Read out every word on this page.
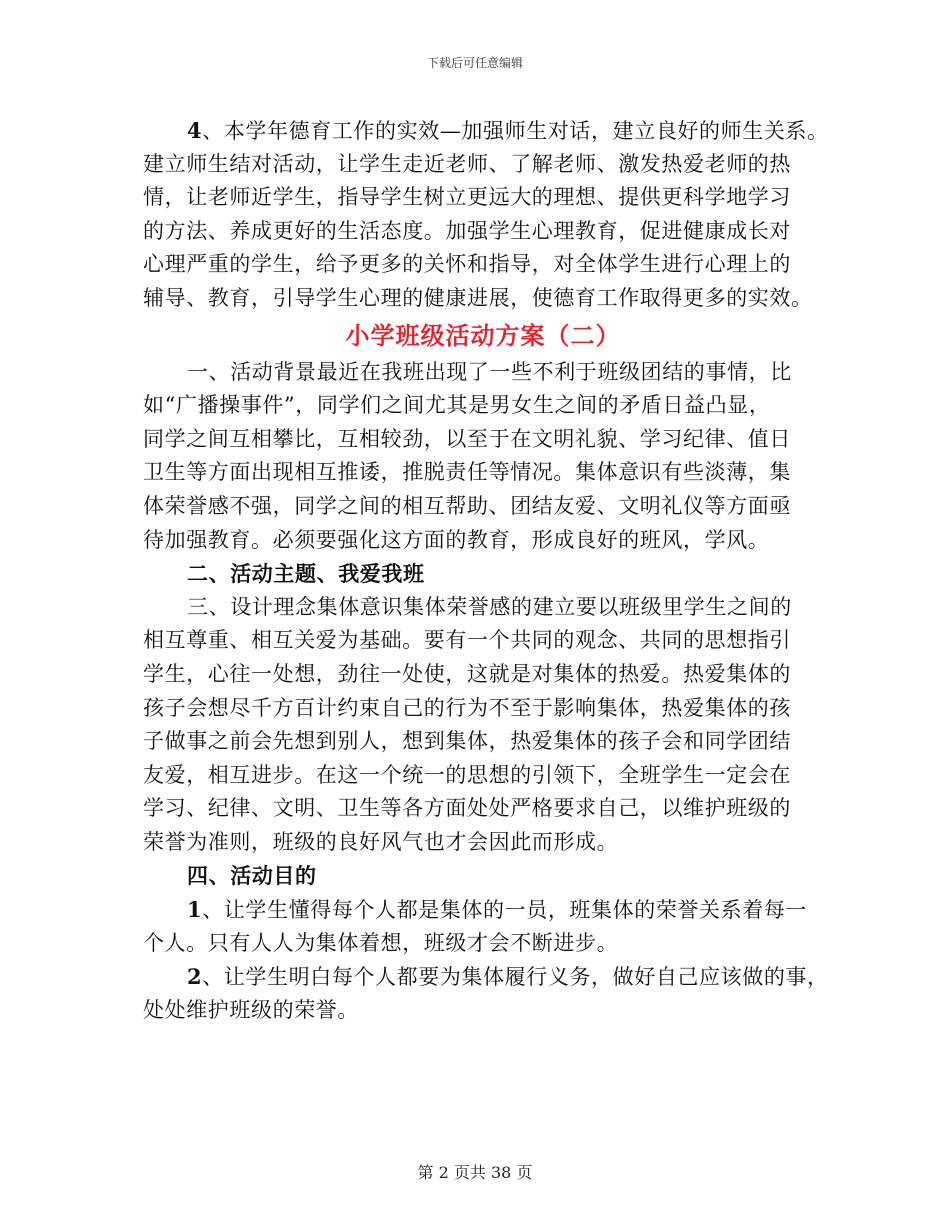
下载后可任意编辑
4、本学年德育工作的实效—加强师生对话，建立良好的师生关系。
建立师生结对活动，让学生走近老师、了解老师、激发热爱老师的热
情，让老师近学生，指导学生树立更远大的理想、提供更科学地学习
的方法、养成更好的生活态度。加强学生心理教育，促进健康成长对
心理严重的学生，给予更多的关怀和指导，对全体学生进行心理上的
辅导、教育，引导学生心理的健康进展，使德育工作取得更多的实效。
小学班级活动方案（二）
一、活动背景最近在我班出现了一些不利于班级团结的事情，比
如“广播操事件”，同学们之间尤其是男女生之间的矛盾日益凸显，
同学之间互相攀比，互相较劲，以至于在文明礼貌、学习纪律、值日
卫生等方面出现相互推诿，推脱责任等情况。集体意识有些淡薄，集
体荣誉感不强，同学之间的相互帮助、团结友爱、文明礼仪等方面亟
待加强教育。必须要强化这方面的教育，形成良好的班风，学风。
二、活动主题、我爱我班
三、设计理念集体意识集体荣誉感的建立要以班级里学生之间的
相互尊重、相互关爱为基础。要有一个共同的观念、共同的思想指引
学生，心往一处想，劲往一处使，这就是对集体的热爱。热爱集体的
孩子会想尽千方百计约束自己的行为不至于影响集体，热爱集体的孩
子做事之前会先想到别人，想到集体，热爱集体的孩子会和同学团结
友爱，相互进步。在这一个统一的思想的引领下，全班学生一定会在
学习、纪律、文明、卫生等各方面处处严格要求自己，以维护班级的
荣誉为准则，班级的良好风气也才会因此而形成。
四、活动目的
1、让学生懂得每个人都是集体的一员，班集体的荣誉关系着每一
个人。只有人人为集体着想，班级才会不断进步。
2、让学生明白每个人都要为集体履行义务，做好自己应该做的事，
处处维护班级的荣誉。
第 2 页共 38 页
